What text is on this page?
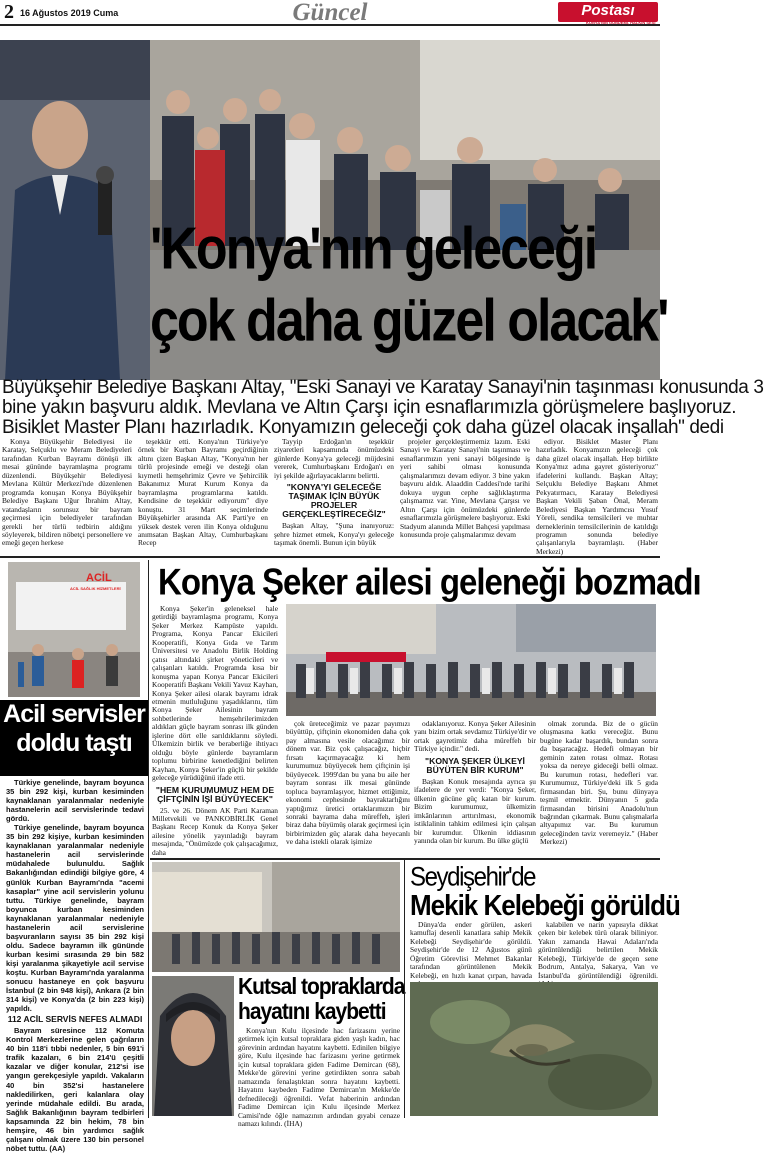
2 16 Ağustos 2019 Cuma	Güncel	Postası
KONYA'NIN GÜNDEMİ, HALKIN SESİ
'Konya'nın geleceği
çok daha güzel olacak'
Büyükşehir Belediye Başkanı Altay, "Eski Sanayi ve Karatay Sanayi'nin taşınması konusunda 3
bine yakın başvuru aldık. Mevlana ve Altın Çarşı için esnaflarımızla görüşmelere başlıyoruz.
Bisiklet Master Planı hazırladık. Konyamızın geleceği çok daha güzel olacak inşallah" dedi

Konya Büyükşehir Belediyesi ile Karatay, Selçuklu ve Meram Belediyeleri tarafından Kurban Bayramı dönüşü ilk mesai gününde bayramlaşma programı düzenlendi. Büyükşehir Belediyesi Mevlana Kültür Merkezi'nde düzenlenen programda konuşan Konya Büyükşehir Belediye Başkanı Uğur İbrahim Altay, vatandaşların sorunsuz bir bayram geçirmesi için belediyeler tarafından gerekli her türlü tedbirin aldığını söyleyerek, bildiren nöbetçi personellere ve emeği geçen herkese

teşekkür etti. Konya'nın Türkiye'ye örnek bir Kurban Bayramı geçirdiğinin altını çizen Başkan Altay, "Konya'nın her türlü projesinde emeği ve desteği olan kıymetli hemşehrimiz Çevre ve Şehircilik Bakanımız Murat Kurum Konya da bayramlaşma programlarına katıldı. Kendisine de teşekkür ediyorum" diye konuştu. 31 Mart seçimlerinde Büyükşehirler arasında AK Parti'ye en yüksek destek veren ilin Konya olduğunu anımsatan Başkan Altay, Cumhurbaşkanı Recep

Tayyip Erdoğan'ın teşekkür ziyaretleri kapsamında önümüzdeki günlerde Konya'ya geleceği müjdesini vererek, Cumhurbaşkanı Erdoğan'ı en iyi şekilde ağırlayacaklarını belirtti.

"KONYA'YI GELECEĞE TAŞIMAK İÇİN BÜYÜK PROJELER GERÇEKLEŞTİRECEĞİZ"

Başkan Altay, "Şuna inanıyoruz: şehre hizmet etmek, Konya'yı geleceğe taşımak önemli. Bunun için büyük

projeler gerçekleştirmemiz lazım. Eski Sanayi ve Karatay Sanayi'nin taşınması ve esnaflarımızın yeni sanayi bölgesinde iş yeri sahibi olması konusunda çalışmalarımızı devam ediyor. 3 bine yakın başvuru aldık. Alaaddin Caddesi'nde tarihi dokuya uygun cephe sağlıklaştırma çalışmamız var. Yine, Mevlana Çarşısı ve Altın Çarşı için önümüzdeki günlerde esnaflarımızla görüşmelere başlıyoruz. Eski Stadyum alanında Millet Bahçesi yapılması konusunda proje çalışmalarımız devam

ediyor. Bisiklet Master Planı hazırladık. Konyamızın geleceği çok daha güzel olacak inşallah. Hep birlikte Konya'mız adına gayret gösteriyoruz" ifadelerini kullandı. Başkan Altay; Selçuklu Belediye Başkanı Ahmet Pekyatırmacı, Karatay Belediyesi Başkan Vekili Şaban Önal, Meram Belediyesi Başkan Yardımcısı Yusuf Yöreli, sendika temsilcileri ve muhtar derneklerinin temsilcilerinin de katıldığı programın sonunda belediye çalışanlarıyla bayramlaştı. (Haber Merkezi)

ACİL
ACİL SAĞLIK HİZMETLERİ
Acil servisler
doldu taştı

Türkiye genelinde, bayram boyunca 35 bin 292 kişi, kurban kesiminden kaynaklanan yaralanmalar nedeniyle hastanelerin acil servislerinde tedavi gördü.

Türkiye genelinde, bayram boyunca 35 bin 292 kişiye, kurban kesiminden kaynaklanan yaralanmalar nedeniyle hastanelerin acil servislerinde müdahalede bulunuldu. Sağlık Bakanlığından edindiği bilgiye göre, 4 günlük Kurban Bayramı'nda "acemi kasaplar" yine acil servislerin yolunu tuttu. Türkiye genelinde, bayram boyunca kurban kesiminden kaynaklanan yaralanmalar nedeniyle hastanelerin acil servislerine başvuranların sayısı 35 bin 292 kişi oldu. Sadece bayramın ilk gününde kurban kesimi sırasında 29 bin 582 kişi yaralanma şikayetiyle acil servise koştu. Kurban Bayramı'nda yaralanma sonucu hastaneye en çok başvuru İstanbul (2 bin 948 kişi), Ankara (2 bin 314 kişi) ve Konya'da (2 bin 223 kişi) yapıldı.

112 ACİL SERVİS NEFES ALMADI

Bayram süresince 112 Komuta Kontrol Merkezlerine gelen çağrıların 40 bin 118'i tıbbi nedenler, 5 bin 691'i trafik kazaları, 6 bin 214'ü çeşitli kazalar ve diğer konular, 212'si ise yangın gerekçesiyle yapıldı. Vakaların 40 bin 352'si hastanelere nakledilirken, geri kalanlara olay yerinde müdahale edildi. Bu arada, Sağlık Bakanlığının bayram tedbirleri kapsamında 22 bin hekim, 78 bin hemşire, 46 bin yardımcı sağlık çalışanı olmak üzere 130 bin personel nöbet tuttu. (AA)

Konya Şeker ailesi geleneği bozmadı

Konya Şeker'in geleneksel hale getirdiği bayramlaşma programı, Konya Şeker Merkez Kampüste yapıldı. Programa, Konya Pancar Ekicileri Kooperatifi, Konya Gıda ve Tarım Üniversitesi ve Anadolu Birlik Holding çatısı altındaki şirket yöneticileri ve çalışanları katıldı. Programda kısa bir konuşma yapan Konya Pancar Ekicileri Kooperatifi Başkanı Vekili Yavuz Kayhan, Konya Şeker ailesi olarak bayramı idrak etmenin mutluluğunu yaşadıklarını, tüm Konya Şeker Ailesinin bayram sohbetlerinde hemşehrilerimizden aldıkları güçle bayram sonrası ilk günden işlerine dört elle sarıldıklarını söyledi. Ülkemizin birlik ve beraberliğe ihtiyacı olduğu böyle günlerde bayramların toplumu birbirine kenetlediğini belirten Kayhan, Konya Şeker'in güçlü bir şekilde geleceğe yürüdüğünü ifade etti.

"HEM KURUMUMUZ HEM DE ÇİFTÇİNİN İŞİ BÜYÜYECEK"

25. ve 26. Dönem AK Parti Karaman Milletvekili ve PANKOBİRLİK Genel Başkanı Recep Konuk da Konya Şeker ailesine yönelik yayınladığı bayram mesajında, "Önümüzde çok çalışacağımız, daha

çok üreteceğimiz ve pazar payımızı büyüttüp, çiftçinin ekonomiden daha çok pay almasına vesile olacağımız bir dönem var. Biz çok çalışacağız, hiçbir fırsatı kaçırmayacağız ki hem kurumumuz büyüyecek hem çiftçinin işi büyüyecek. 1999'dan bu yana bu aile her bayram sonrası ilk mesai gününde topluca bayramlaşıyor, hizmet ettiğimiz, ekonomi cephesinde bayraktarlığını yaptığımız üretici ortaklarımızın bir sonraki bayrama daha müreffeh, işleri biraz daha büyümüş olarak geçirmesi için birbirimizden güç alarak daha heyecanlı ve daha istekli olarak işimize

odaklanıyoruz. Konya Şeker Ailesinin yanı bizim ortak sevdamız Türkiye'dir ve ortak gayretimiz daha müreffeh bir Türkiye içindir." dedi.

"KONYA ŞEKER ÜLKEYİ BÜYÜTEN BİR KURUM"

Başkan Konuk mesajında ayrıca şu ifadelere de yer verdi: "Konya Şeker, ülkenin gücüne güç katan bir kurum. Bizim kurumumuz, ülkemizin imkânlarının arttırılması, ekonomik istiklalinin tahkim edilmesi için çalışan bir kurumdur. Ülkenin iddiasının yanında olan bir kurum. Bu ülke güçlü

olmak zorunda. Biz de o gücün oluşmasına katkı vereceğiz. Bunu bugüne kadar başardık, bundan sonra da başaracağız. Hedefi olmayan bir geminin zaten rotası olmaz. Rotası yoksa da nereye gideceği belli olmaz. Bu kurumun rotası, hedefleri var. Kurumumuz, Türkiye'deki ilk 5 gıda firmasından biri. Şu, bunu dünyaya teşmil etmektir. Dünyanın 5 gıda firmasından birisini Anadolu'nun bağrından çıkarmak. Bunu çalışmalarla altyapımız var. Bu kurumun geleceğinden taviz veremeyiz." (Haber Merkezi)

Kutsal topraklarda
hayatını kaybetti

Konya'nın Kulu ilçesinde hac farizasını yerine getirmek için kutsal topraklara giden yaşlı kadın, hac görevinin ardından hayatını kaybetti. Edinilen bilgiye göre, Kulu ilçesinde hac farizasını yerine getirmek için kutsal topraklara giden Fadime Demircan (68), Mekke'de görevini yerine getirdikten sonra sabah namazında fenalaştıktan sonra hayatını kaybetti. Hayatını kaybeden Fadime Demircan'ın Mekke'de defnedileceği öğrenildi. Vefat haberinin ardından Fadime Demircan için Kulu ilçesinde Merkez Camisi'nde öğle namazının ardından gıyabi cenaze namazı kılındı. (İHA)

Seydişehir'de
Mekik Kelebeği görüldü

Dünya'da ender görülen, askeri kamuflaj desenli kanatlara sahip Mekik Kelebeği Seydişehir'de görüldü. Seydişehir'de de 12 Ağustos günü Öğretim Görevlisi Mehmet Bakanlar tarafından görüntülenen Mekik Kelebeği, en hızlı kanat çırpan, havada

kalabilen ve narin yapısıyla dikkat çeken bir kelebek türü olarak biliniyor. Yakın zamanda Hawai Adaları'nda görüntülendiği belirtilen Mekik Kelebeği, Türkiye'de de geçen sene Bodrum, Antalya, Sakarya, Van ve İstanbul'da görüntülendiği öğrenildi.
